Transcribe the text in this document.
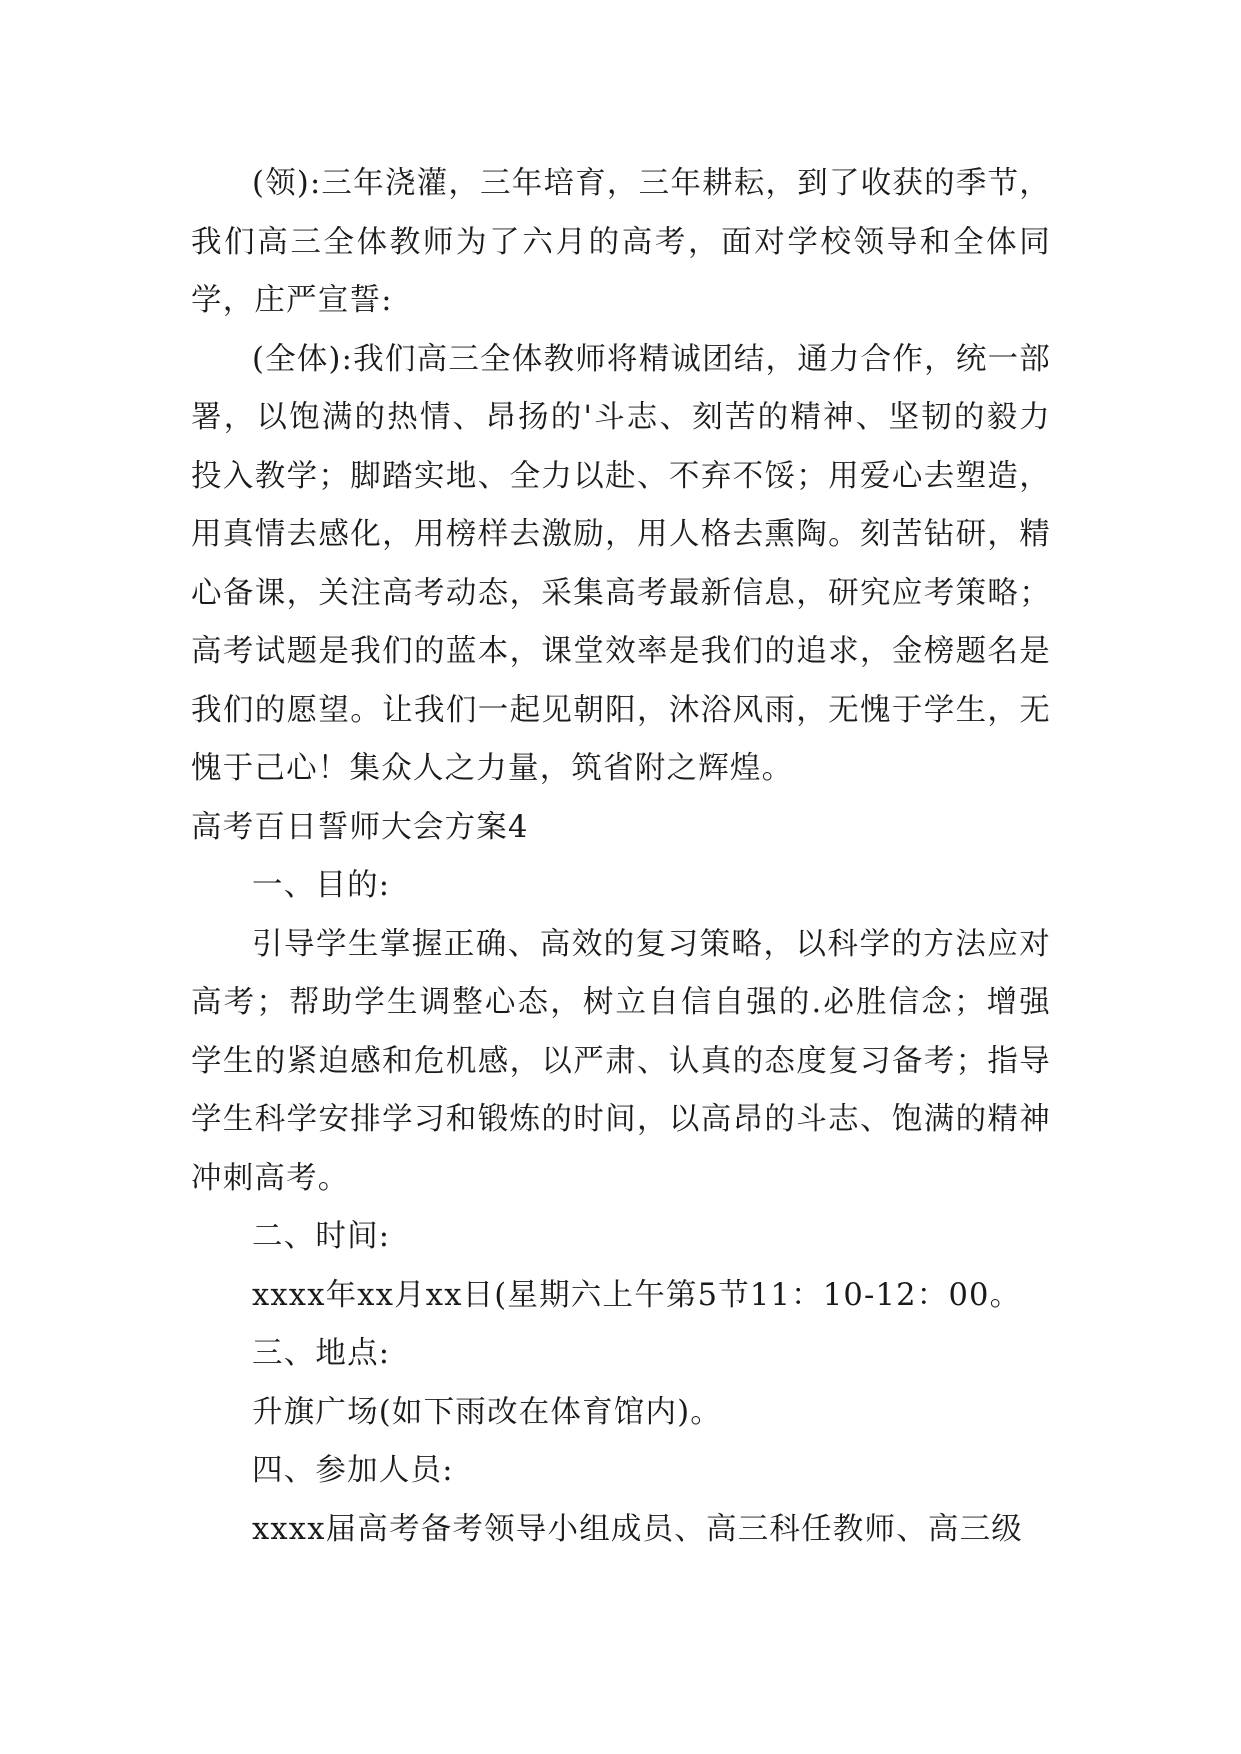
(领):三年浇灌，三年培育，三年耕耘，到了收获的季节，我们高三全体教师为了六月的高考，面对学校领导和全体同学，庄严宣誓:

(全体):我们高三全体教师将精诚团结，通力合作，统一部署，以饱满的热情、昂扬的'斗志、刻苦的精神、坚韧的毅力投入教学；脚踏实地、全力以赴、不弃不馁；用爱心去塑造，用真情去感化，用榜样去激励，用人格去熏陶。刻苦钻研，精心备课，关注高考动态，采集高考最新信息，研究应考策略；高考试题是我们的蓝本，课堂效率是我们的追求，金榜题名是我们的愿望。让我们一起见朝阳，沐浴风雨，无愧于学生，无愧于己心！集众人之力量，筑省附之辉煌。

高考百日誓师大会方案4

一、目的:

引导学生掌握正确、高效的复习策略，以科学的方法应对高考；帮助学生调整心态，树立自信自强的.必胜信念；增强学生的紧迫感和危机感，以严肃、认真的态度复习备考；指导学生科学安排学习和锻炼的时间，以高昂的斗志、饱满的精神冲刺高考。

二、时间:

xxxx年xx月xx日(星期六上午第5节11：10-12：00。

三、地点:

升旗广场(如下雨改在体育馆内)。

四、参加人员:

xxxx届高考备考领导小组成员、高三科任教师、高三级
